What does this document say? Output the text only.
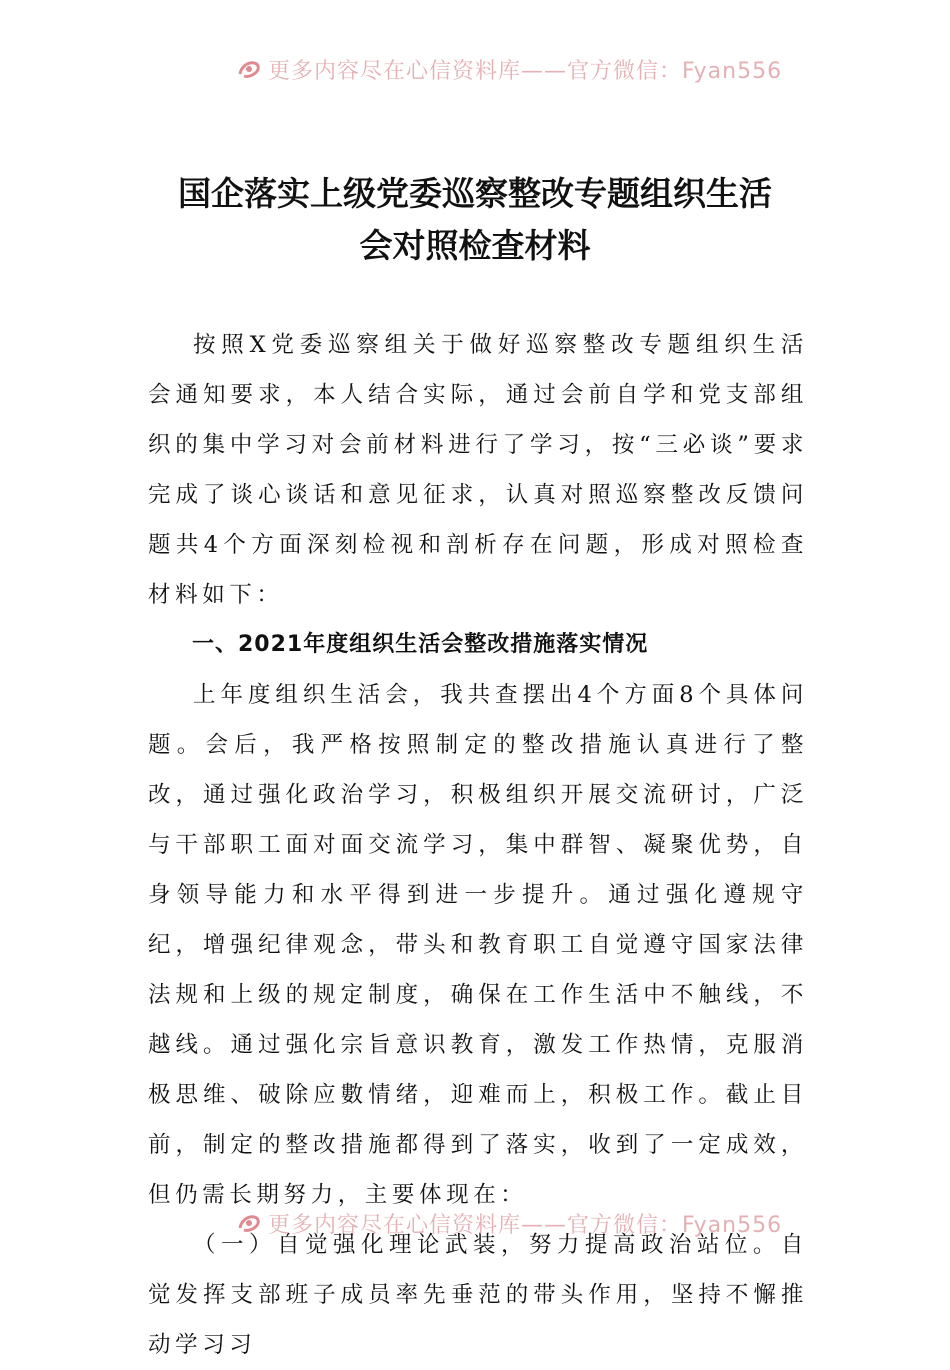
更多内容尽在心信资料库——官方微信：Fyan556
国企落实上级党委巡察整改专题组织生活
会对照检查材料

按照X党委巡察组关于做好巡察整改专题组织生活会通知要求，本人结合实际，通过会前自学和党支部组织的集中学习对会前材料进行了学习，按“三必谈”要求完成了谈心谈话和意见征求，认真对照巡察整改反馈问题共4个方面深刻检视和剖析存在问题，形成对照检查材料如下：

一、2021年度组织生活会整改措施落实情况

上年度组织生活会，我共查摆出4个方面8个具体问题。会后，我严格按照制定的整改措施认真进行了整改，通过强化政治学习，积极组织开展交流研讨，广泛与干部职工面对面交流学习，集中群智、凝聚优势，自身领导能力和水平得到进一步提升。通过强化遵规守纪，增强纪律观念，带头和教育职工自觉遵守国家法律法规和上级的规定制度，确保在工作生活中不触线，不越线。通过强化宗旨意识教育，激发工作热情，克服消极思维、破除应數情绪，迎难而上，积极工作。截止目前，制定的整改措施都得到了落实，收到了一定成效，但仍需长期努力，主要体现在：

（一）自觉强化理论武装，努力提高政治站位。自觉发挥支部班子成员率先垂范的带头作用，坚持不懈推动学习习

更多内容尽在心信资料库——官方微信：Fyan556
